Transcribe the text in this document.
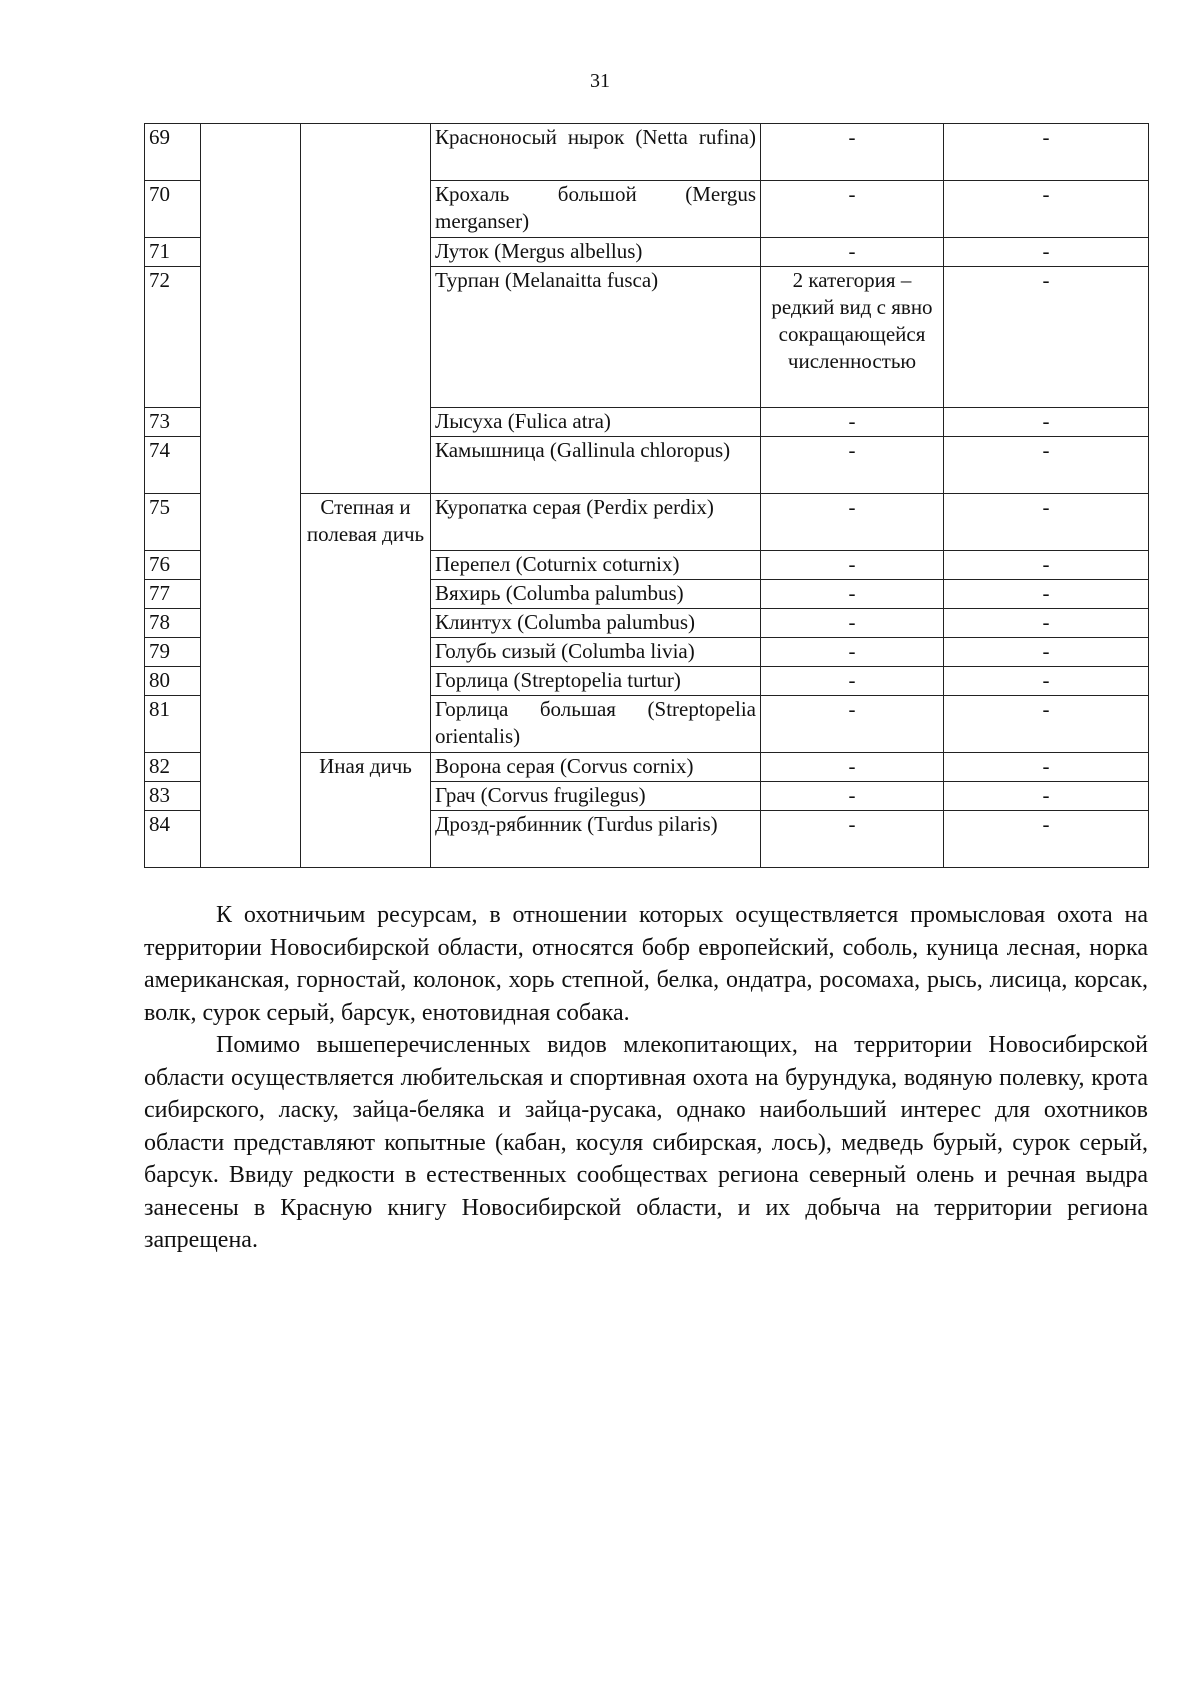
31
69			Красноносый нырок (Netta rufina)	-	-
70			Крохаль большой (Mergus merganser)	-	-
71			Луток (Mergus albellus)	-	-
72			Турпан (Melanaitta fusca)	2 категория – редкий вид с явно сокращающейся численностью	-
73			Лысуха (Fulica atra)	-	-
74			Камышница (Gallinula chloropus)	-	-
75		Степная и полевая дичь	Куропатка серая (Perdix perdix)	-	-
76			Перепел (Coturnix coturnix)	-	-
77			Вяхирь (Columba palumbus)	-	-
78			Клинтух (Columba palumbus)	-	-
79			Голубь сизый (Columba livia)	-	-
80			Горлица (Streptopelia turtur)	-	-
81			Горлица большая (Streptopelia orientalis)	-	-
82		Иная дичь	Ворона серая (Corvus cornix)	-	-
83			Грач (Corvus frugilegus)	-	-
84			Дрозд-рябинник (Turdus pilaris)	-	-

К охотничьим ресурсам, в отношении которых осуществляется промысловая охота на территории Новосибирской области, относятся бобр европейский, соболь, куница лесная, норка американская, горностай, колонок, хорь степной, белка, ондатра, росомаха, рысь, лисица, корсак, волк, сурок серый, барсук, енотовидная собака.

Помимо вышеперечисленных видов млекопитающих, на территории Новосибирской области осуществляется любительская и спортивная охота на бурундука, водяную полевку, крота сибирского, ласку, зайца-беляка и зайца-русака, однако наибольший интерес для охотников области представляют копытные (кабан, косуля сибирская, лось), медведь бурый, сурок серый, барсук. Ввиду редкости в естественных сообществах региона северный олень и речная выдра занесены в Красную книгу Новосибирской области, и их добыча на территории региона запрещена.
